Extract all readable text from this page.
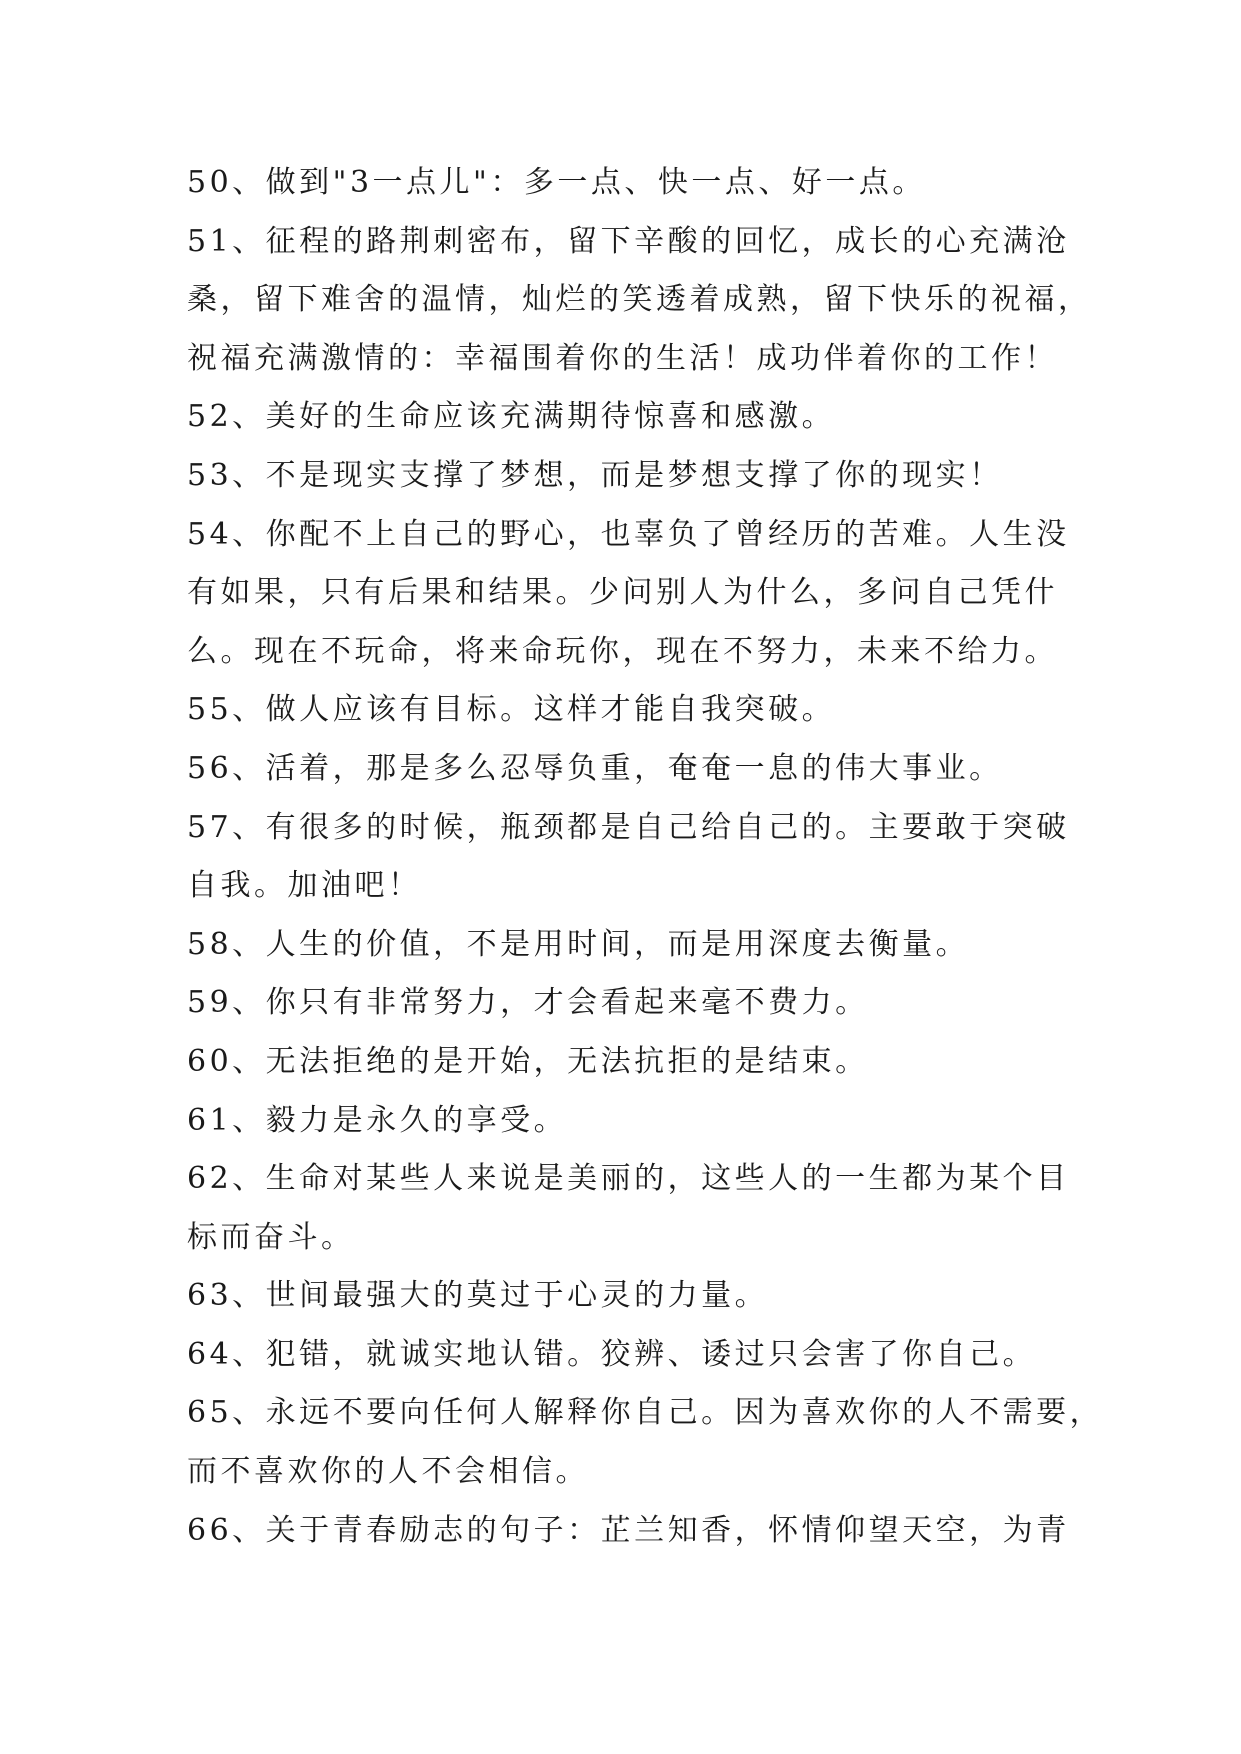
50、做到"3一点儿"：多一点、快一点、好一点。
51、征程的路荆刺密布，留下辛酸的回忆，成长的心充满沧
桑，留下难舍的温情，灿烂的笑透着成熟，留下快乐的祝福，
祝福充满激情的：幸福围着你的生活！成功伴着你的工作！
52、美好的生命应该充满期待惊喜和感激。
53、不是现实支撑了梦想，而是梦想支撑了你的现实！
54、你配不上自己的野心，也辜负了曾经历的苦难。人生没
有如果，只有后果和结果。少问别人为什么，多问自己凭什
么。现在不玩命，将来命玩你，现在不努力，未来不给力。
55、做人应该有目标。这样才能自我突破。
56、活着，那是多么忍辱负重，奄奄一息的伟大事业。
57、有很多的时候，瓶颈都是自己给自己的。主要敢于突破
自我。加油吧！
58、人生的价值，不是用时间，而是用深度去衡量。
59、你只有非常努力，才会看起来毫不费力。
60、无法拒绝的是开始，无法抗拒的是结束。
61、毅力是永久的享受。
62、生命对某些人来说是美丽的，这些人的一生都为某个目
标而奋斗。
63、世间最强大的莫过于心灵的力量。
64、犯错，就诚实地认错。狡辨、诿过只会害了你自己。
65、永远不要向任何人解释你自己。因为喜欢你的人不需要，
而不喜欢你的人不会相信。
66、关于青春励志的句子：芷兰知香，怀情仰望天空，为青
